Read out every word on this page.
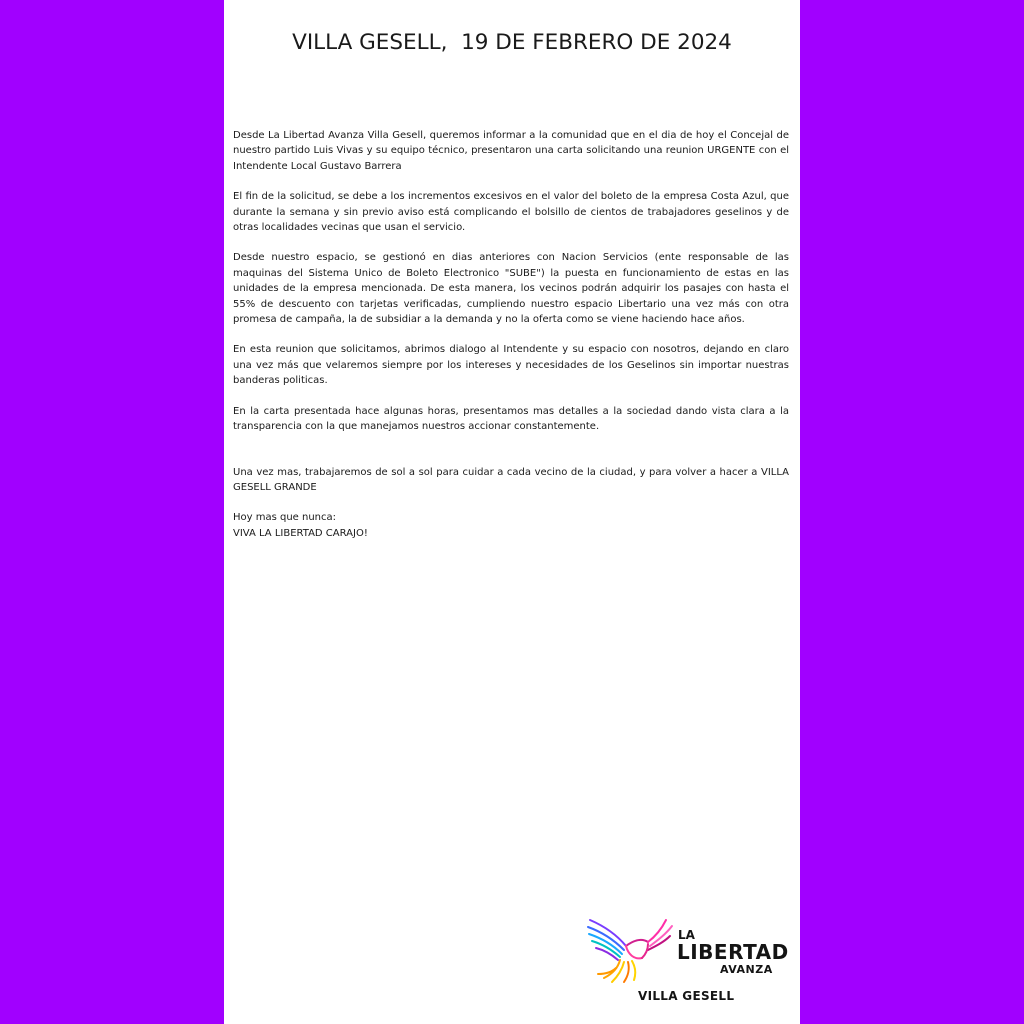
VILLA GESELL,  19 DE FEBRERO DE 2024

Desde La Libertad Avanza Villa Gesell, queremos informar a la comunidad que en el dia de hoy el Concejal de nuestro partido Luis Vivas y su equipo técnico, presentaron una carta solicitando una reunion URGENTE con el Intendente Local Gustavo Barrera

El fin de la solicitud, se debe a los incrementos excesivos en el valor del boleto de la empresa Costa Azul, que durante la semana y sin previo aviso está complicando el bolsillo de cientos de trabajadores geselinos y de otras localidades vecinas que usan el servicio.

Desde nuestro espacio, se gestionó en dias anteriores con Nacion Servicios (ente responsable de las maquinas del Sistema Unico de Boleto Electronico "SUBE") la puesta en funcionamiento de estas en las unidades de la empresa mencionada. De esta manera, los vecinos podrán adquirir los pasajes con hasta el 55% de descuento con tarjetas verificadas, cumpliendo nuestro espacio Libertario una vez más con otra promesa de campaña, la de subsidiar a la demanda y no la oferta como se viene haciendo hace años.

En esta reunion que solicitamos, abrimos dialogo al Intendente y su espacio con nosotros, dejando en claro una vez más que velaremos siempre por los intereses y necesidades de los Geselinos sin importar nuestras banderas politicas.

En la carta presentada hace algunas horas, presentamos mas detalles a la sociedad dando vista clara a la transparencia con la que manejamos nuestros accionar constantemente.

Una vez mas, trabajaremos de sol a sol para cuidar a cada vecino de la ciudad, y para volver a hacer a VILLA GESELL GRANDE

Hoy mas que nunca:
VIVA LA LIBERTAD CARAJO!
LA
LIBERTAD
AVANZA
VILLA GESELL
